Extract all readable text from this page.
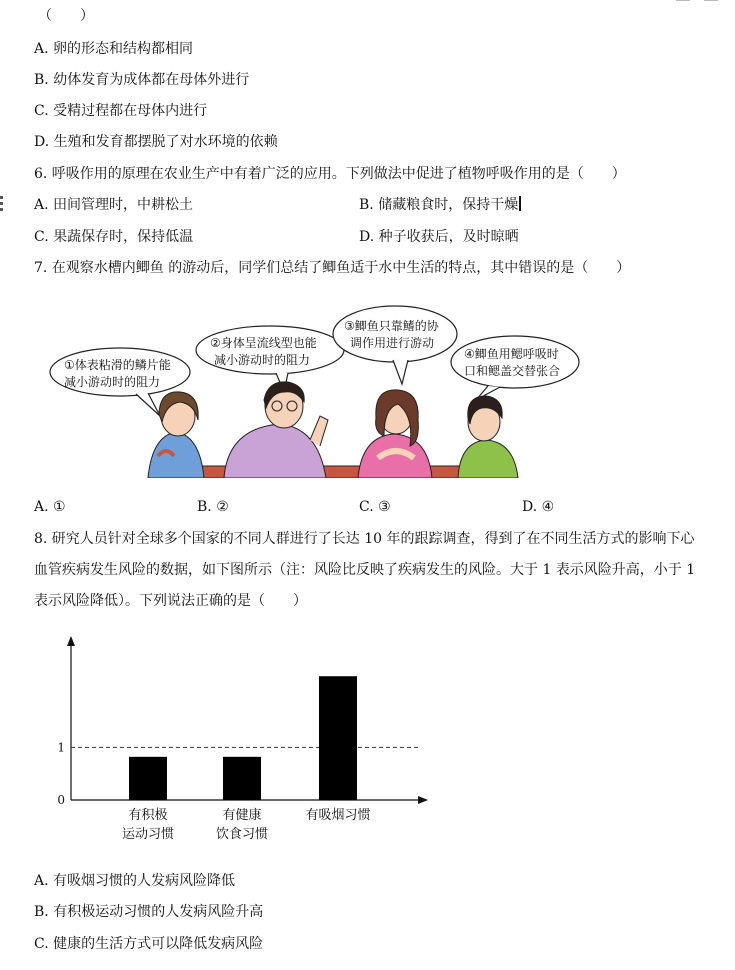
（　　）
A. 卵的形态和结构都相同
B. 幼体发育为成体都在母体外进行
C. 受精过程都在母体内进行
D. 生殖和发育都摆脱了对水环境的依赖
6. 呼吸作用的原理在农业生产中有着广泛的应用。下列做法中促进了植物呼吸作用的是（　　）
A. 田间管理时，中耕松土	B. 储藏粮食时，保持干燥
C. 果蔬保存时，保持低温	D. 种子收获后，及时晾晒
7. 在观察水槽内鲫鱼 的游动后，同学们总结了鲫鱼适于水中生活的特点，其中错误的是（　　）
①体表粘滑的鳞片能
减小游动时的阻力
②身体呈流线型也能
减小游动时的阻力
③鲫鱼只靠鳍的协
调作用进行游动
④鲫鱼用鳃呼吸时
口和鳃盖交替张合
A. ①	B. ②	C. ③	D. ④
8. 研究人员针对全球多个国家的不同人群进行了长达 10 年的跟踪调查，得到了在不同生活方式的影响下心
血管疾病发生风险的数据，如下图所示（注：风险比反映了疾病发生的风险。大于 1 表示风险升高，小于 1
表示风险降低）。下列说法正确的是（　　）
0
1
有积极
运动习惯
有健康
饮食习惯
有吸烟习惯
A. 有吸烟习惯的人发病风险降低
B. 有积极运动习惯的人发病风险升高
C. 健康的生活方式可以降低发病风险
